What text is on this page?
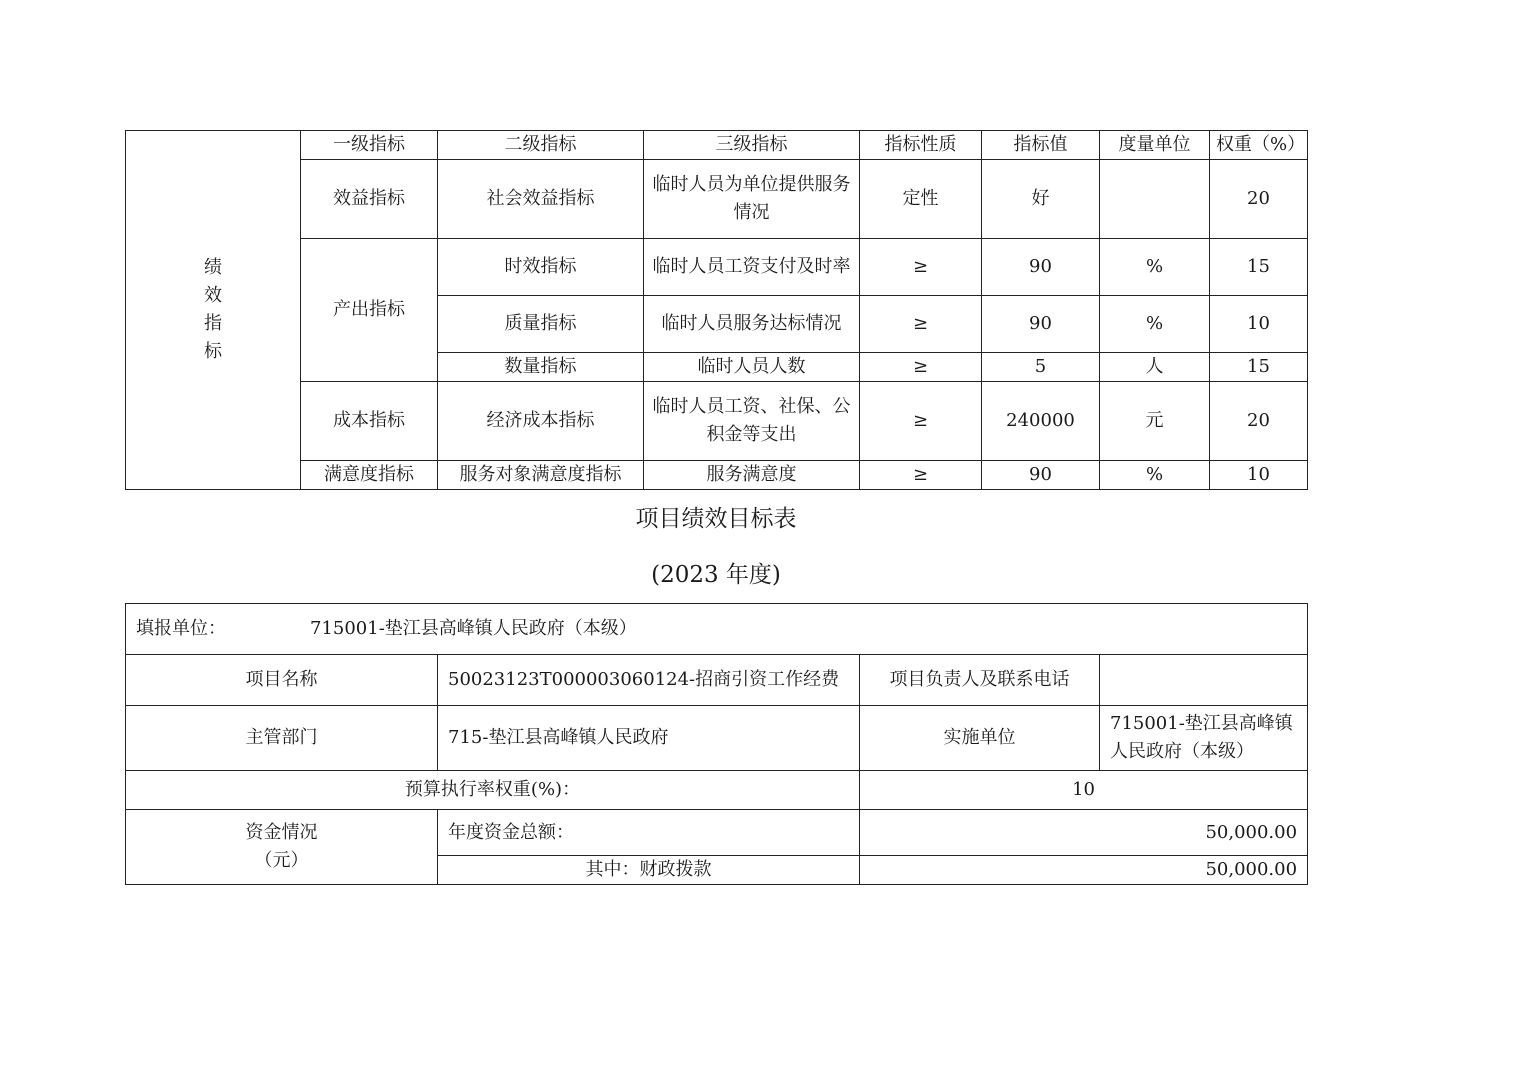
绩
效
指
标	一级指标	二级指标	三级指标	指标性质	指标值	度量单位	权重（%）
	效益指标	社会效益指标	临时人员为单位提供服务情况	定性	好		20
	产出指标	时效指标	临时人员工资支付及时率	≥	90	%	15
		质量指标	临时人员服务达标情况	≥	90	%	10
		数量指标	临时人员人数	≥	5	人	15
	成本指标	经济成本指标	临时人员工资、社保、公积金等支出	≥	240000	元	20
	满意度指标	服务对象满意度指标	服务满意度	≥	90	%	10
项目绩效目标表
(2023 年度)
填报单位： 715001-垫江县高峰镇人民政府（本级）			
项目名称	50023123T000003060124-招商引资工作经费	项目负责人及联系电话	
主管部门	715-垫江县高峰镇人民政府	实施单位	715001-垫江县高峰镇人民政府（本级）
预算执行率权重(%)：		10	

资金情况
（元）	年度资金总额：	50,000.00	
	其中：财政拨款	50,000.00	
